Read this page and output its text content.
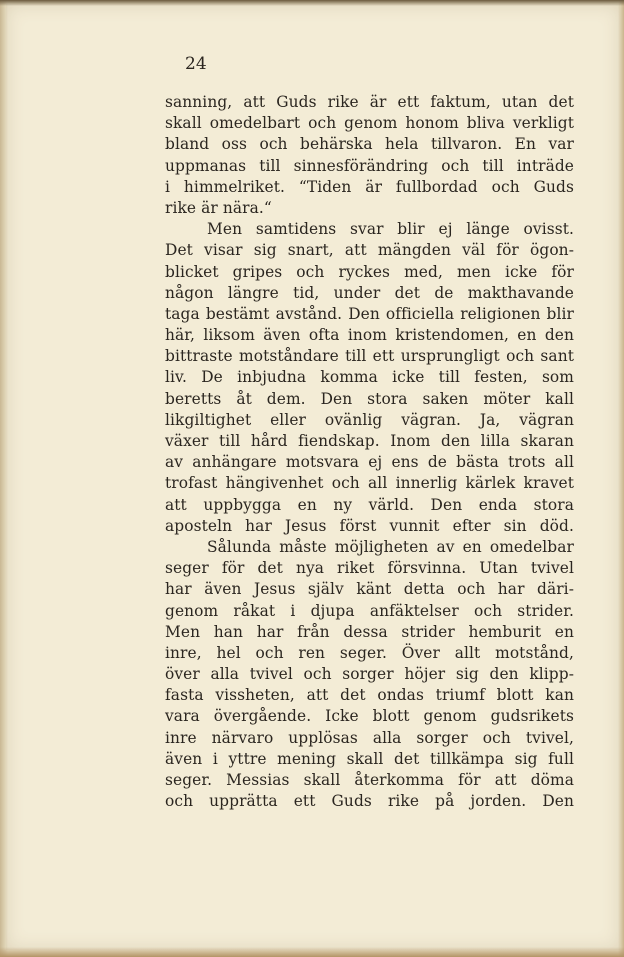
24
sanning, att Guds rike är ett faktum, utan det
skall omedelbart och genom honom bliva verkligt
bland oss och behärska hela tillvaron. En var
uppmanas till sinnesförändring och till inträde
i himmelriket. “Tiden är fullbordad och Guds
rike är nära.“
Men samtidens svar blir ej länge ovisst.
Det visar sig snart, att mängden väl för ögon-
blicket gripes och ryckes med, men icke för
någon längre tid, under det de makthavande
taga bestämt avstånd. Den officiella religionen blir
här, liksom även ofta inom kristendomen, en den
bittraste motståndare till ett ursprungligt och sant
liv. De inbjudna komma icke till festen, som
beretts åt dem. Den stora saken möter kall
likgiltighet eller ovänlig vägran. Ja, vägran
växer till hård fiendskap. Inom den lilla skaran
av anhängare motsvara ej ens de bästa trots all
trofast hängivenhet och all innerlig kärlek kravet
att uppbygga en ny värld. Den enda stora
aposteln har Jesus först vunnit efter sin död.
Sålunda måste möjligheten av en omedelbar
seger för det nya riket försvinna. Utan tvivel
har även Jesus själv känt detta och har däri-
genom råkat i djupa anfäktelser och strider.
Men han har från dessa strider hemburit en
inre, hel och ren seger. Över allt motstånd,
över alla tvivel och sorger höjer sig den klipp-
fasta vissheten, att det ondas triumf blott kan
vara övergående. Icke blott genom gudsrikets
inre närvaro upplösas alla sorger och tvivel,
även i yttre mening skall det tillkämpa sig full
seger. Messias skall återkomma för att döma
och upprätta ett Guds rike på jorden. Den
